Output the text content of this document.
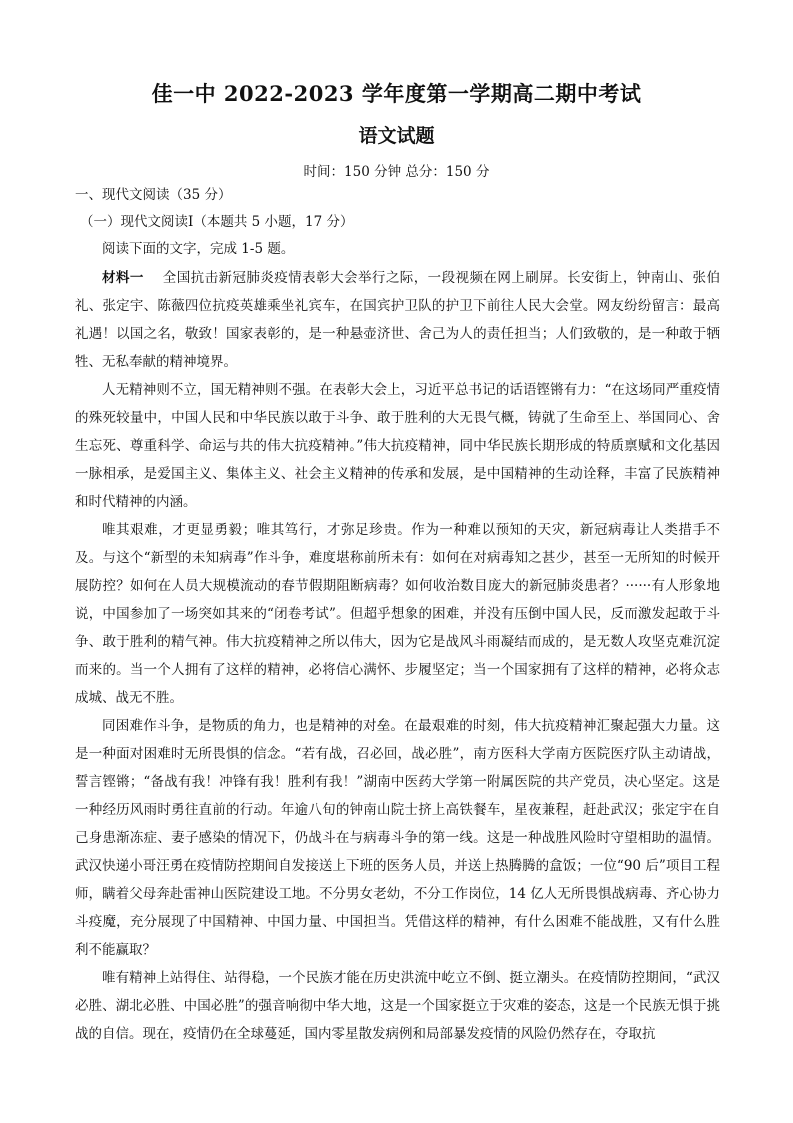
佳一中 2022-2023 学年度第一学期高二期中考试
语文试题
时间：150 分钟 总分：150 分
一、现代文阅读（35 分）
（一）现代文阅读Ⅰ（本题共 5 小题，17 分）
阅读下面的文字，完成 1-5 题。

材料一 全国抗击新冠肺炎疫情表彰大会举行之际，一段视频在网上刷屏。长安街上，钟南山、张伯礼、张定宇、陈薇四位抗疫英雄乘坐礼宾车，在国宾护卫队的护卫下前往人民大会堂。网友纷纷留言：最高礼遇！以国之名，敬致！国家表彰的，是一种悬壶济世、舍己为人的责任担当；人们致敬的，是一种敢于牺牲、无私奉献的精神境界。

人无精神则不立，国无精神则不强。在表彰大会上，习近平总书记的话语铿锵有力：“在这场同严重疫情的殊死较量中，中国人民和中华民族以敢于斗争、敢于胜利的大无畏气概，铸就了生命至上、举国同心、舍生忘死、尊重科学、命运与共的伟大抗疫精神。”伟大抗疫精神，同中华民族长期形成的特质禀赋和文化基因一脉相承，是爱国主义、集体主义、社会主义精神的传承和发展，是中国精神的生动诠释，丰富了民族精神和时代精神的内涵。

唯其艰难，才更显勇毅；唯其笃行，才弥足珍贵。作为一种难以预知的天灾，新冠病毒让人类措手不及。与这个“新型的未知病毒”作斗争，难度堪称前所未有：如何在对病毒知之甚少，甚至一无所知的时候开展防控？如何在人员大规模流动的春节假期阻断病毒？如何收治数目庞大的新冠肺炎患者？······有人形象地说，中国参加了一场突如其来的“闭卷考试”。但超乎想象的困难，并没有压倒中国人民，反而激发起敢于斗争、敢于胜利的精气神。伟大抗疫精神之所以伟大，因为它是战风斗雨凝结而成的，是无数人攻坚克难沉淀而来的。当一个人拥有了这样的精神，必将信心满怀、步履坚定；当一个国家拥有了这样的精神，必将众志成城、战无不胜。

同困难作斗争，是物质的角力，也是精神的对垒。在最艰难的时刻，伟大抗疫精神汇聚起强大力量。这是一种面对困难时无所畏惧的信念。“若有战，召必回，战必胜”，南方医科大学南方医院医疗队主动请战，誓言铿锵；“备战有我！冲锋有我！胜利有我！”湖南中医药大学第一附属医院的共产党员，决心坚定。这是一种经历风雨时勇往直前的行动。年逾八旬的钟南山院士挤上高铁餐车，星夜兼程，赶赴武汉；张定宇在自己身患渐冻症、妻子感染的情况下，仍战斗在与病毒斗争的第一线。这是一种战胜风险时守望相助的温情。武汉快递小哥汪勇在疫情防控期间自发接送上下班的医务人员，并送上热腾腾的盒饭；一位“90 后”项目工程师，瞒着父母奔赴雷神山医院建设工地。不分男女老幼，不分工作岗位，14 亿人无所畏惧战病毒、齐心协力斗疫魔，充分展现了中国精神、中国力量、中国担当。凭借这样的精神，有什么困难不能战胜，又有什么胜利不能赢取？

唯有精神上站得住、站得稳，一个民族才能在历史洪流中屹立不倒、挺立潮头。在疫情防控期间，“武汉必胜、湖北必胜、中国必胜”的强音响彻中华大地，这是一个国家挺立于灾难的姿态，这是一个民族无惧于挑战的自信。现在，疫情仍在全球蔓延，国内零星散发病例和局部暴发疫情的风险仍然存在，夺取抗
